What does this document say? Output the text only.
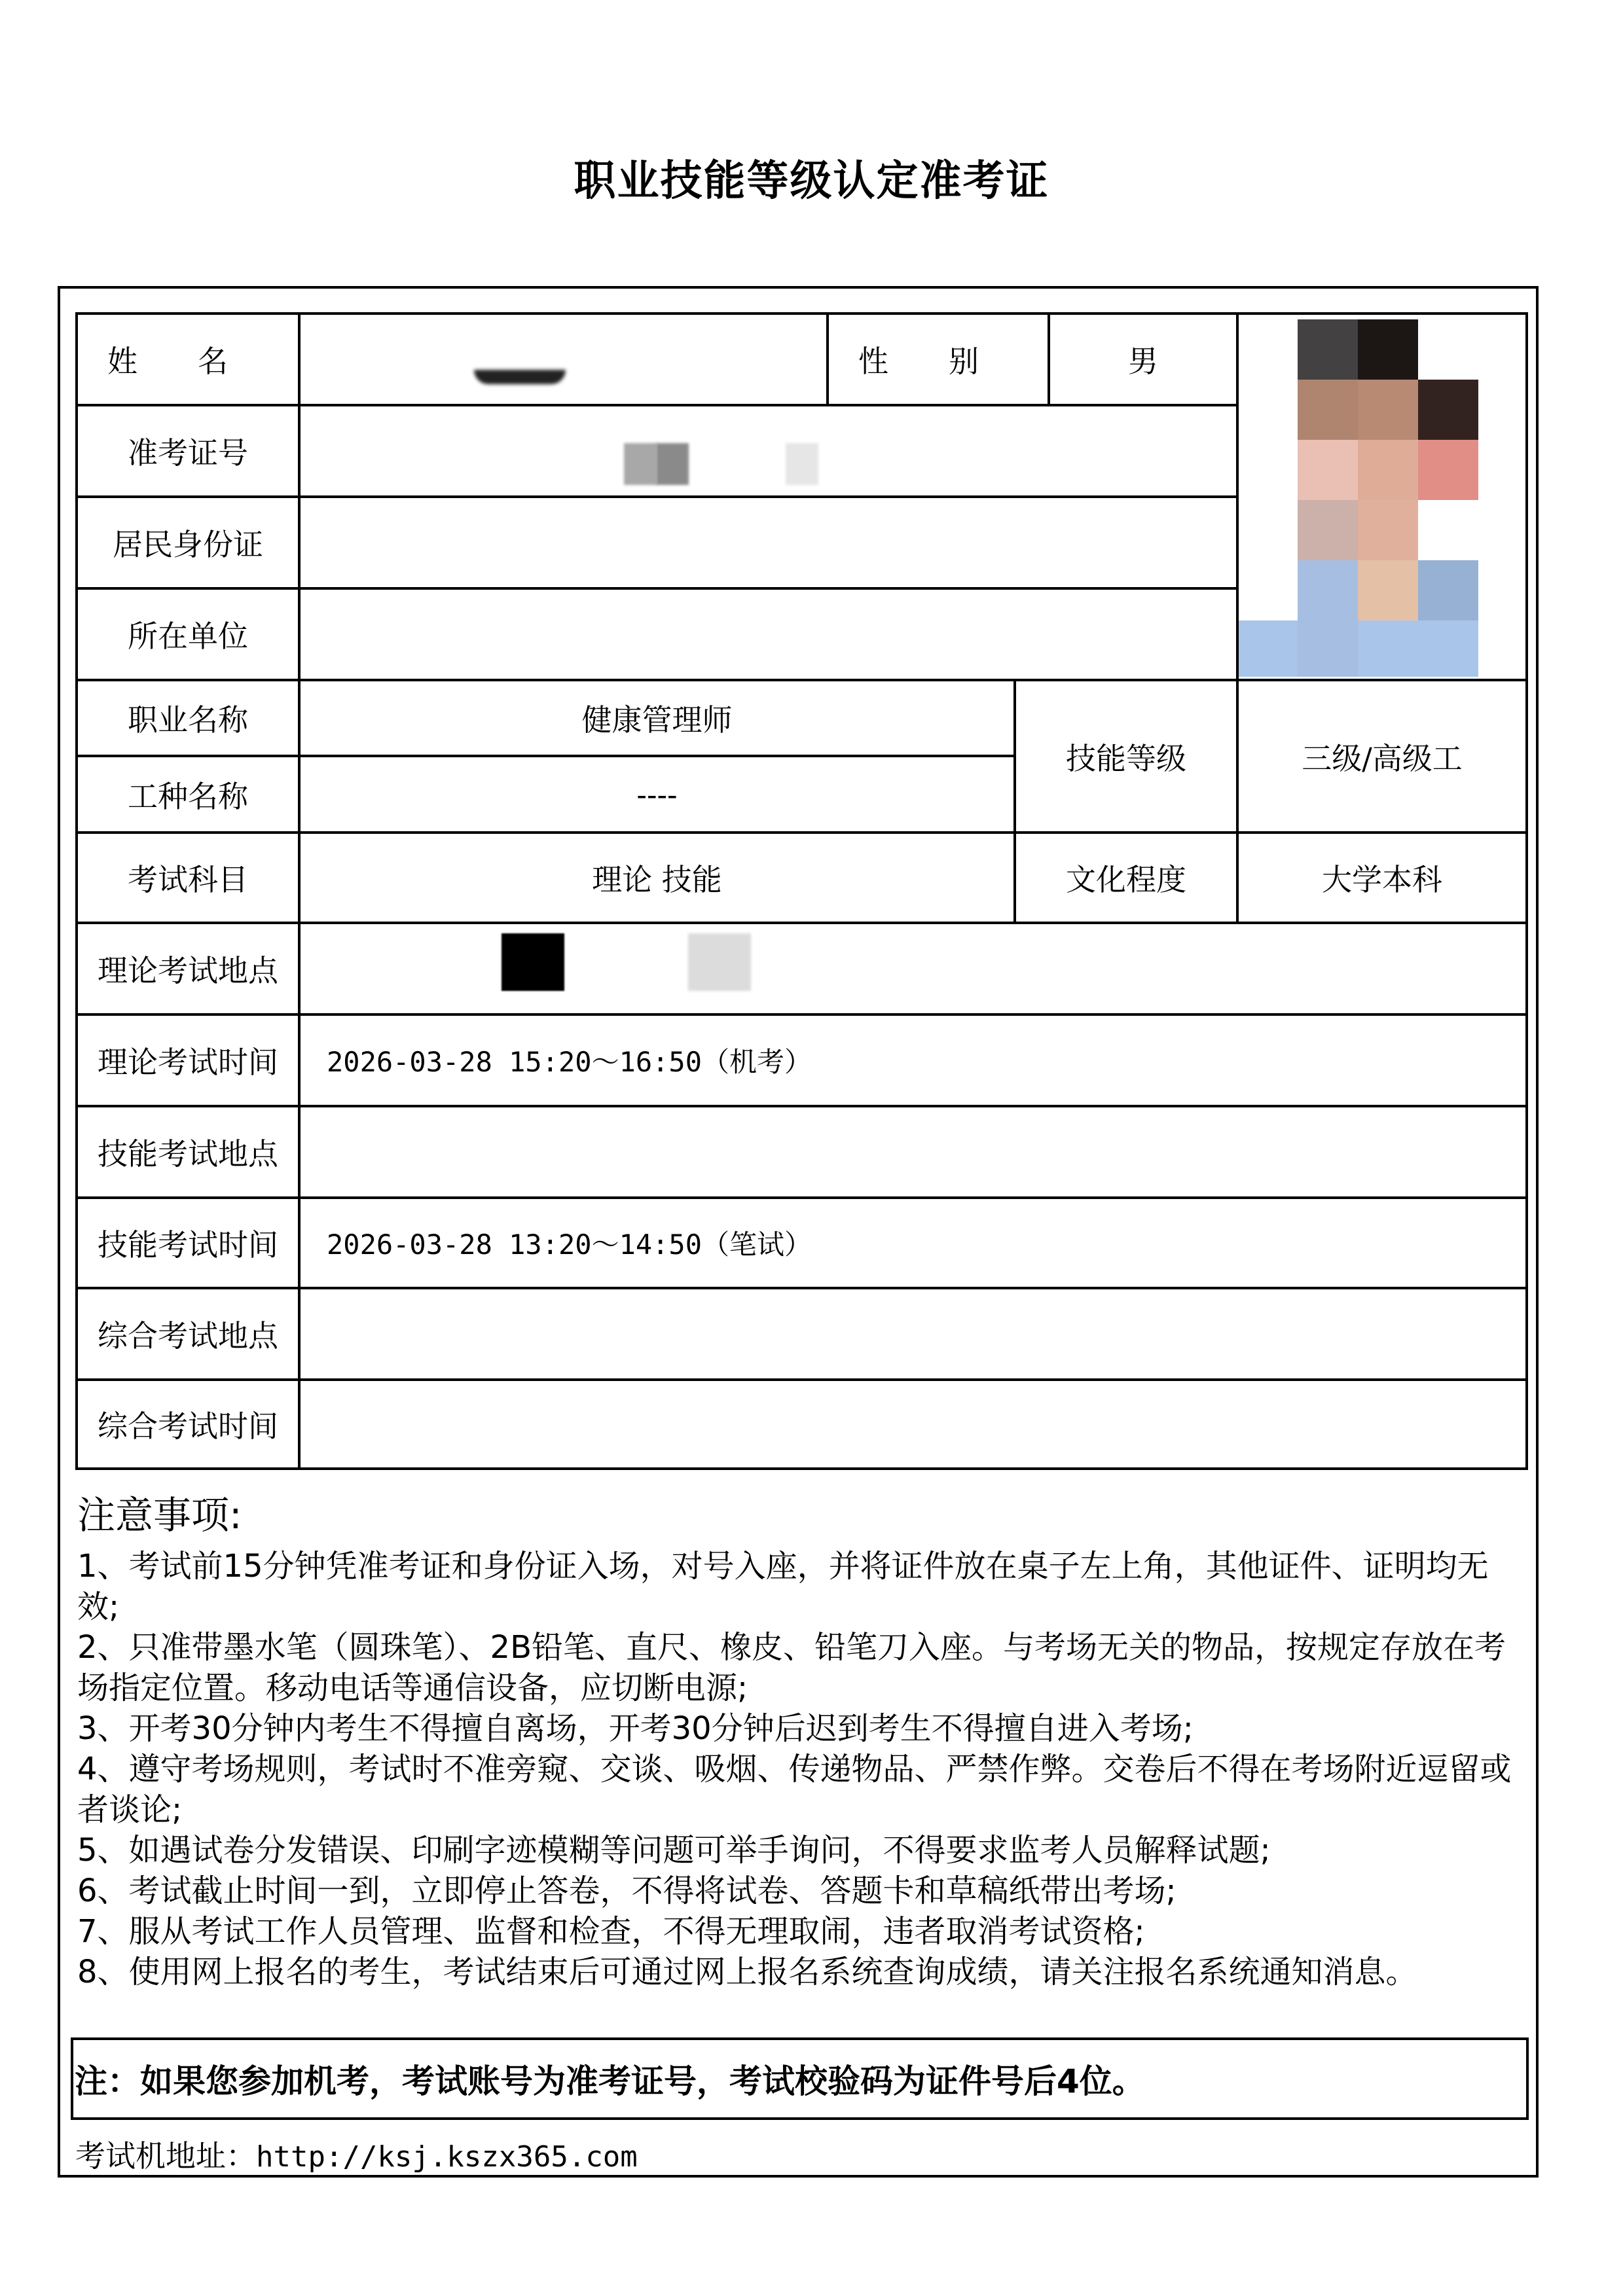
职业技能等级认定准考证
姓　　名	性　　别	男
准考证号
居民身份证
所在单位
职业名称	健康管理师
工种名称	----
技能等级	三级/高级工
考试科目	理论 技能	文化程度	大学本科
理论考试地点
理论考试时间 2026-03-28 15:20～16:50（机考）
技能考试地点
技能考试时间 2026-03-28 13:20～14:50（笔试）
综合考试地点
综合考试时间
注意事项:

1、考试前15分钟凭准考证和身份证入场，对号入座，并将证件放在桌子左上角，其他证件、证明均无效;

2、只准带墨水笔（圆珠笔）、2B铅笔、直尺、橡皮、铅笔刀入座。与考场无关的物品，按规定存放在考场指定位置。移动电话等通信设备，应切断电源;

3、开考30分钟内考生不得擅自离场，开考30分钟后迟到考生不得擅自进入考场;

4、遵守考场规则，考试时不准旁窥、交谈、吸烟、传递物品、严禁作弊。交卷后不得在考场附近逗留或者谈论;

5、如遇试卷分发错误、印刷字迹模糊等问题可举手询问，不得要求监考人员解释试题;

6、考试截止时间一到，立即停止答卷，不得将试卷、答题卡和草稿纸带出考场;

7、服从考试工作人员管理、监督和检查，不得无理取闹，违者取消考试资格;

8、使用网上报名的考生，考试结束后可通过网上报名系统查询成绩，请关注报名系统通知消息。

注：如果您参加机考，考试账号为准考证号，考试校验码为证件号后4位。
考试机地址：http://ksj.kszx365.com
